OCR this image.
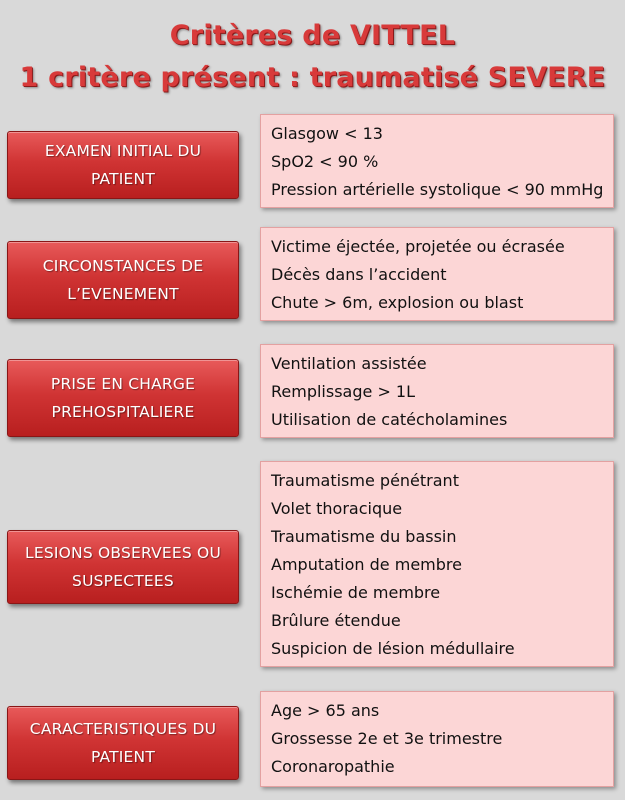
Critères de VITTEL
1 critère présent : traumatisé SEVERE
EXAMEN INITIAL DU
PATIENT
Glasgow < 13
SpO2 < 90 %
Pression artérielle systolique < 90 mmHg
CIRCONSTANCES DE
L’EVENEMENT
Victime éjectée, projetée ou écrasée
Décès dans l’accident
Chute > 6m, explosion ou blast
PRISE EN CHARGE
PREHOSPITALIERE
Ventilation assistée
Remplissage > 1L
Utilisation de catécholamines
LESIONS OBSERVEES OU
SUSPECTEES
Traumatisme pénétrant
Volet thoracique
Traumatisme du bassin
Amputation de membre
Ischémie de membre
Brûlure étendue
Suspicion de lésion médullaire
CARACTERISTIQUES DU
PATIENT
Age > 65 ans
Grossesse 2e et 3e trimestre
Coronaropathie
